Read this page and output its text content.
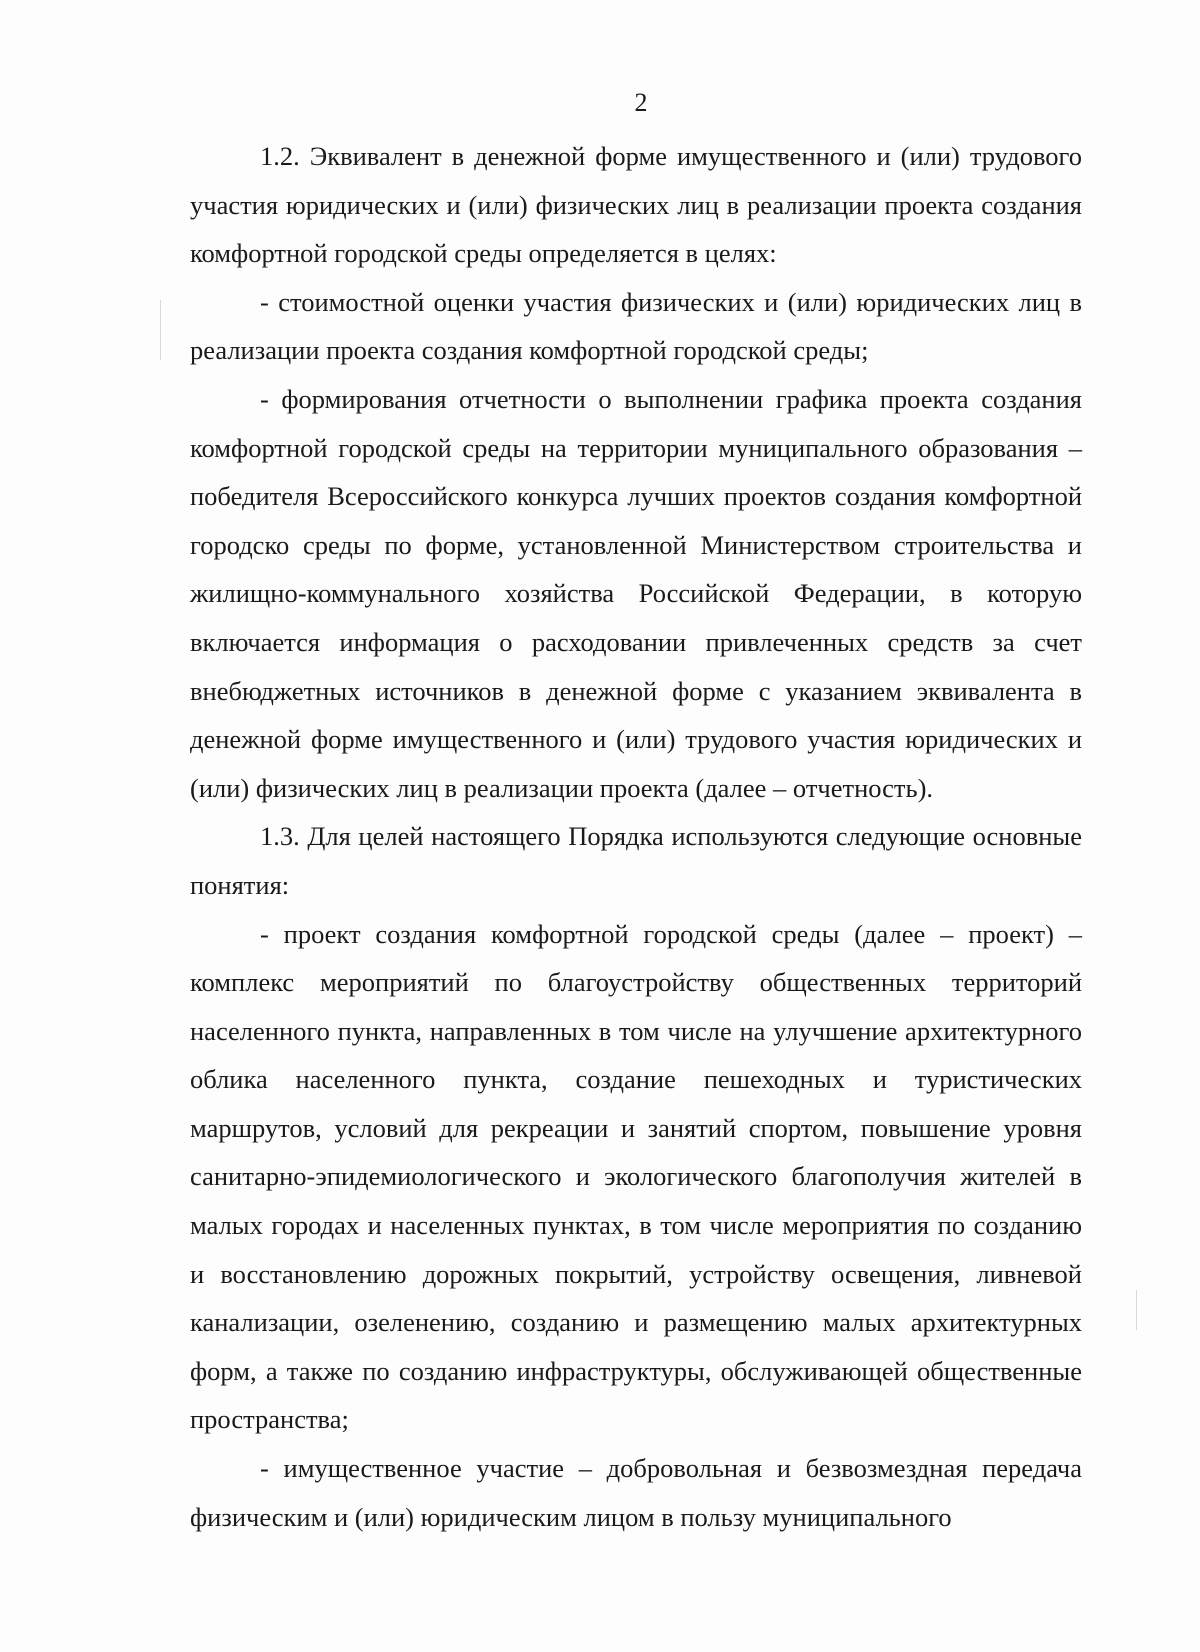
2

1.2. Эквивалент в денежной форме имущественного и (или) трудового участия юридических и (или) физических лиц в реализации проекта создания комфортной городской среды определяется в целях:

- стоимостной оценки участия физических и (или) юридических лиц в реализации проекта создания комфортной городской среды;

- формирования отчетности о выполнении графика проекта создания комфортной городской среды на территории муниципального образования – победителя Всероссийского конкурса лучших проектов создания комфортной городско среды по форме, установленной Министерством строительства и жилищно-коммунального хозяйства Российской Федерации, в которую включается информация о расходовании привлеченных средств за счет внебюджетных источников в денежной форме с указанием эквивалента в денежной форме имущественного и (или) трудового участия юридических и (или) физических лиц в реализации проекта (далее – отчетность).

1.3. Для целей настоящего Порядка используются следующие основные понятия:

- проект создания комфортной городской среды (далее – проект) – комплекс мероприятий по благоустройству общественных территорий населенного пункта, направленных в том числе на улучшение архитектурного облика населенного пункта, создание пешеходных и туристических маршрутов, условий для рекреации и занятий спортом, повышение уровня санитарно-эпидемиологического и экологического благополучия жителей в малых городах и населенных пунктах, в том числе мероприятия по созданию и восстановлению дорожных покрытий, устройству освещения, ливневой канализации, озеленению, созданию и размещению малых архитектурных форм, а также по созданию инфраструктуры, обслуживающей общественные пространства;

- имущественное участие – добровольная и безвозмездная передача физическим и (или) юридическим лицом в пользу муниципального
